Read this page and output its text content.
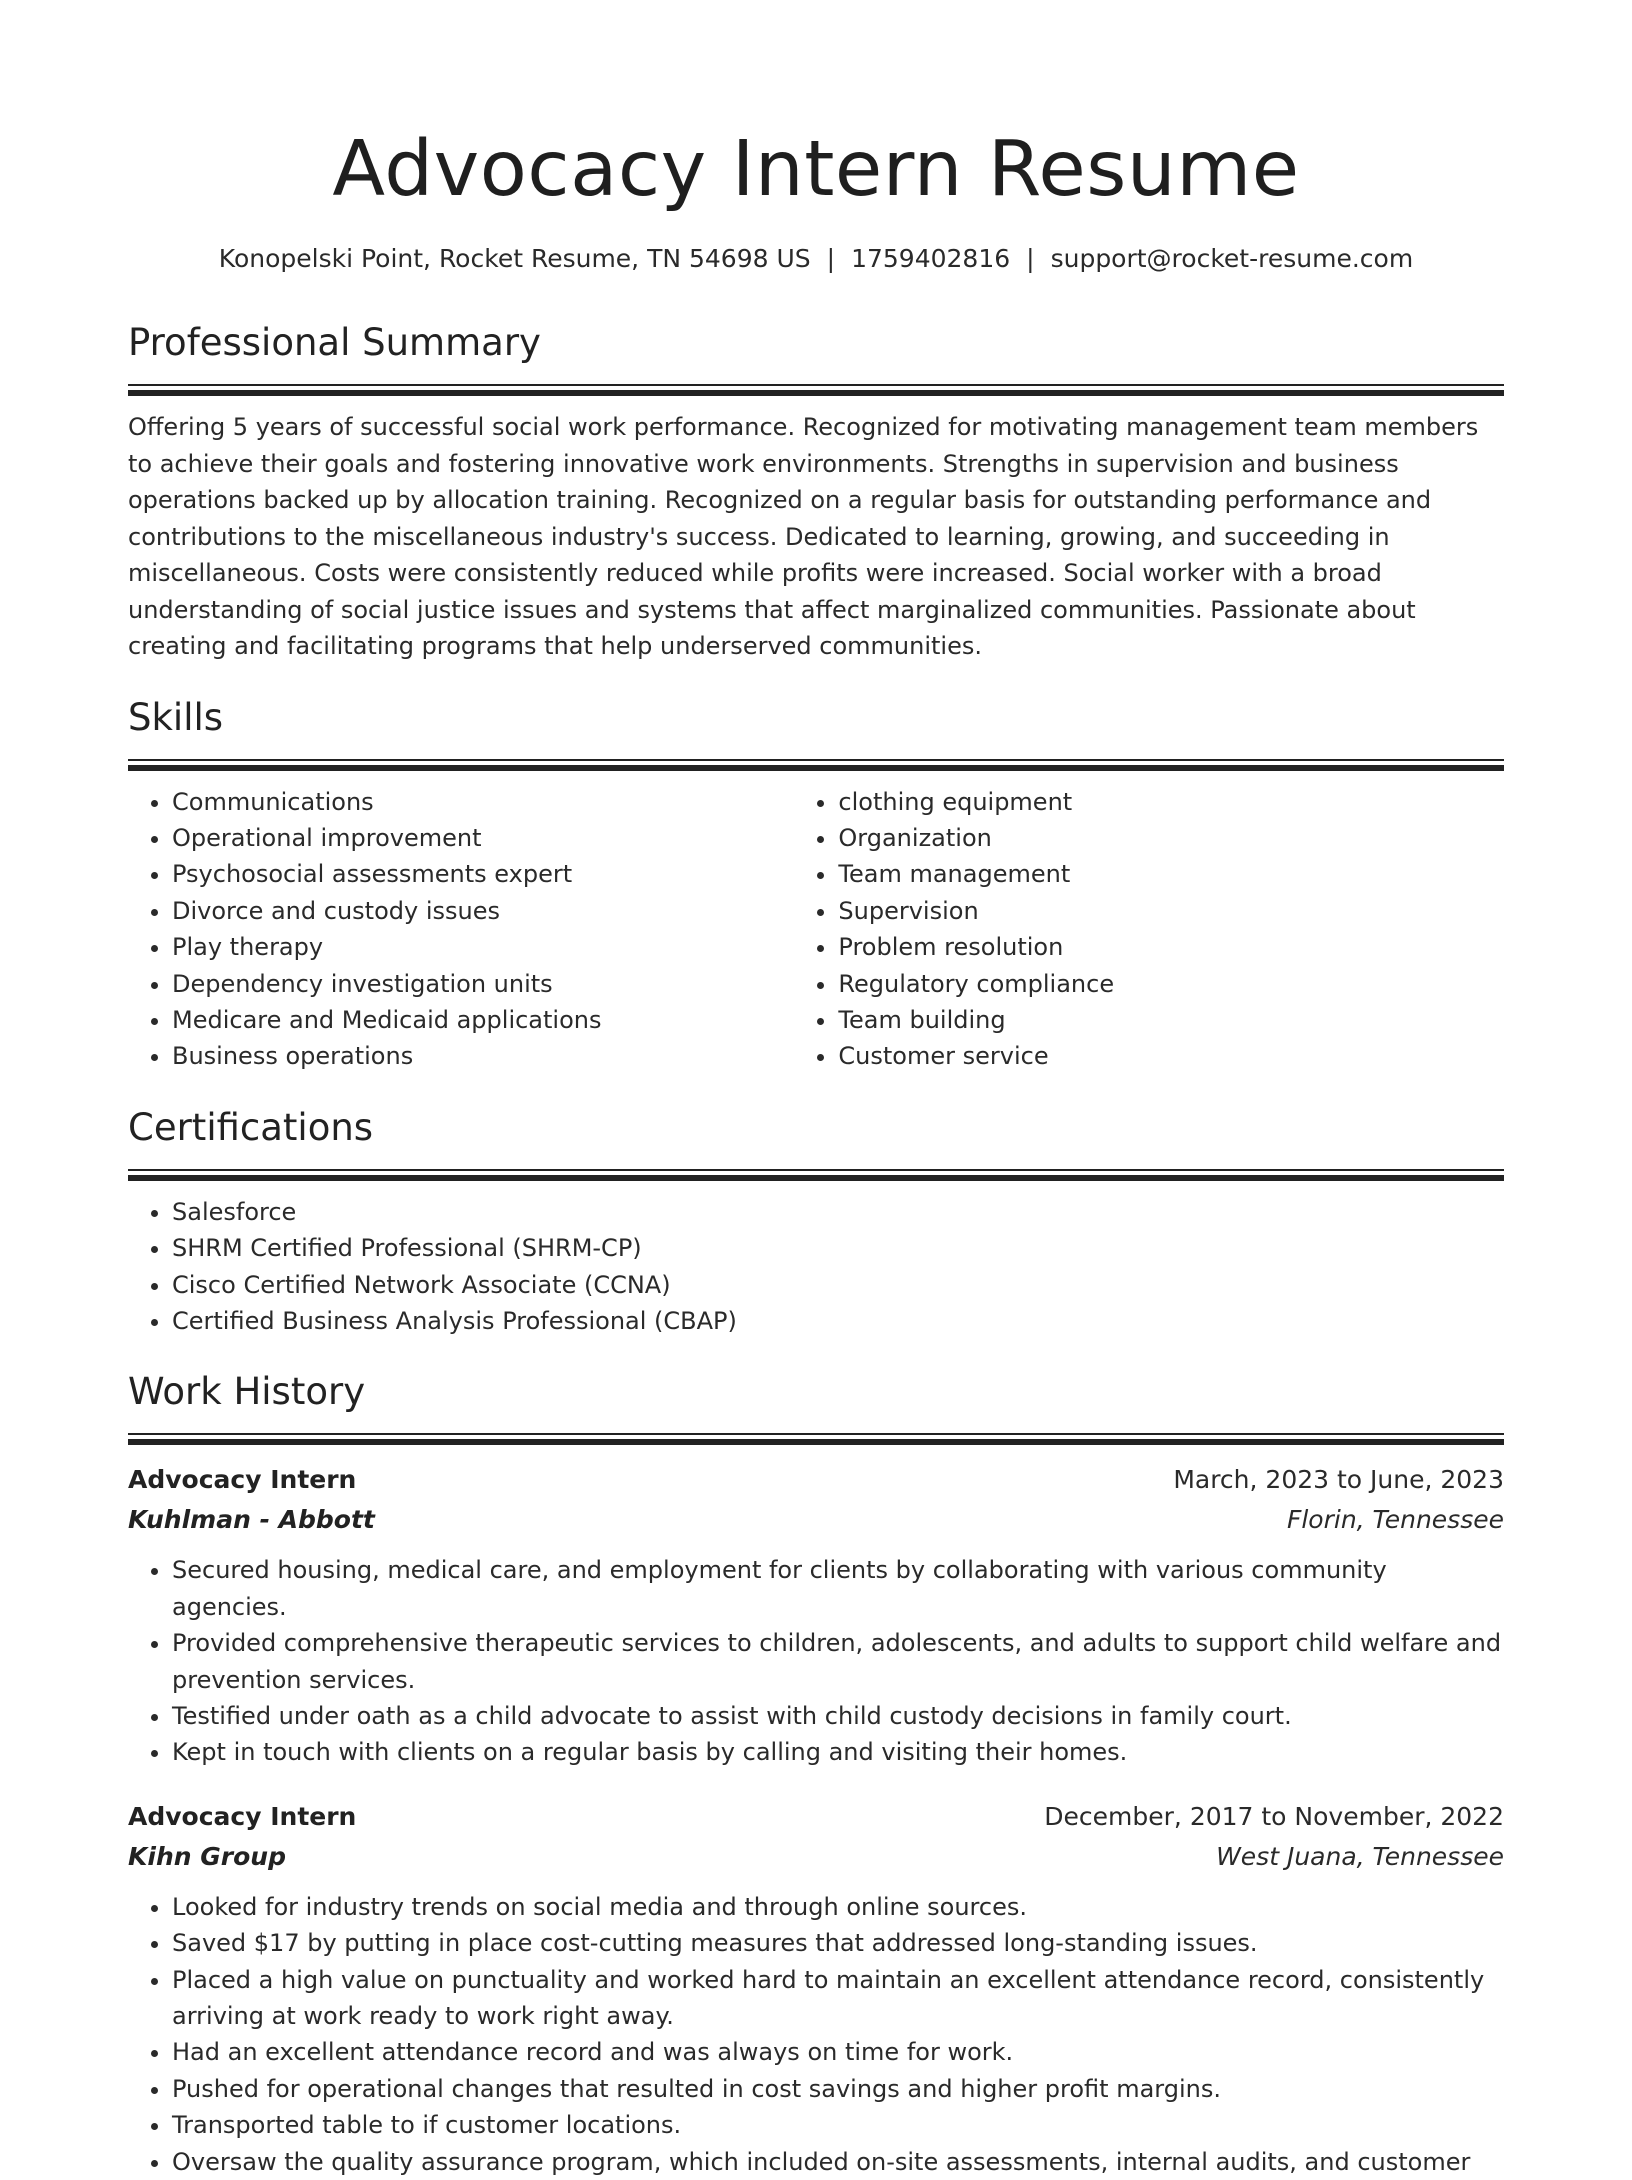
Advocacy Intern Resume
Konopelski Point, Rocket Resume, TN 54698 US | 1759402816 | support@rocket-resume.com
Professional Summary

Offering 5 years of successful social work performance. Recognized for motivating management team members to achieve their goals and fostering innovative work environments. Strengths in supervision and business operations backed up by allocation training. Recognized on a regular basis for outstanding performance and contributions to the miscellaneous industry's success. Dedicated to learning, growing, and succeeding in miscellaneous. Costs were consistently reduced while profits were increased. Social worker with a broad understanding of social justice issues and systems that affect marginalized communities. Passionate about creating and facilitating programs that help underserved communities.

Skills
• Communications
• Operational improvement
• Psychosocial assessments expert
• Divorce and custody issues
• Play therapy
• Dependency investigation units
• Medicare and Medicaid applications
• Business operations
• clothing equipment
• Organization
• Team management
• Supervision
• Problem resolution
• Regulatory compliance
• Team building
• Customer service
Certifications
• Salesforce
• SHRM Certified Professional (SHRM-CP)
• Cisco Certified Network Associate (CCNA)
• Certified Business Analysis Professional (CBAP)
Work History
Advocacy Intern	March, 2023 to June, 2023
Kuhlman - Abbott	Florin, Tennessee
• Secured housing, medical care, and employment for clients by collaborating with various community agencies.
• Provided comprehensive therapeutic services to children, adolescents, and adults to support child welfare and prevention services.
• Testified under oath as a child advocate to assist with child custody decisions in family court.
• Kept in touch with clients on a regular basis by calling and visiting their homes.
Advocacy Intern	December, 2017 to November, 2022
Kihn Group	West Juana, Tennessee
• Looked for industry trends on social media and through online sources.
• Saved $17 by putting in place cost-cutting measures that addressed long-standing issues.
• Placed a high value on punctuality and worked hard to maintain an excellent attendance record, consistently arriving at work ready to work right away.
• Had an excellent attendance record and was always on time for work.
• Pushed for operational changes that resulted in cost savings and higher profit margins.
• Transported table to if customer locations.
• Oversaw the quality assurance program, which included on-site assessments, internal audits, and customer
